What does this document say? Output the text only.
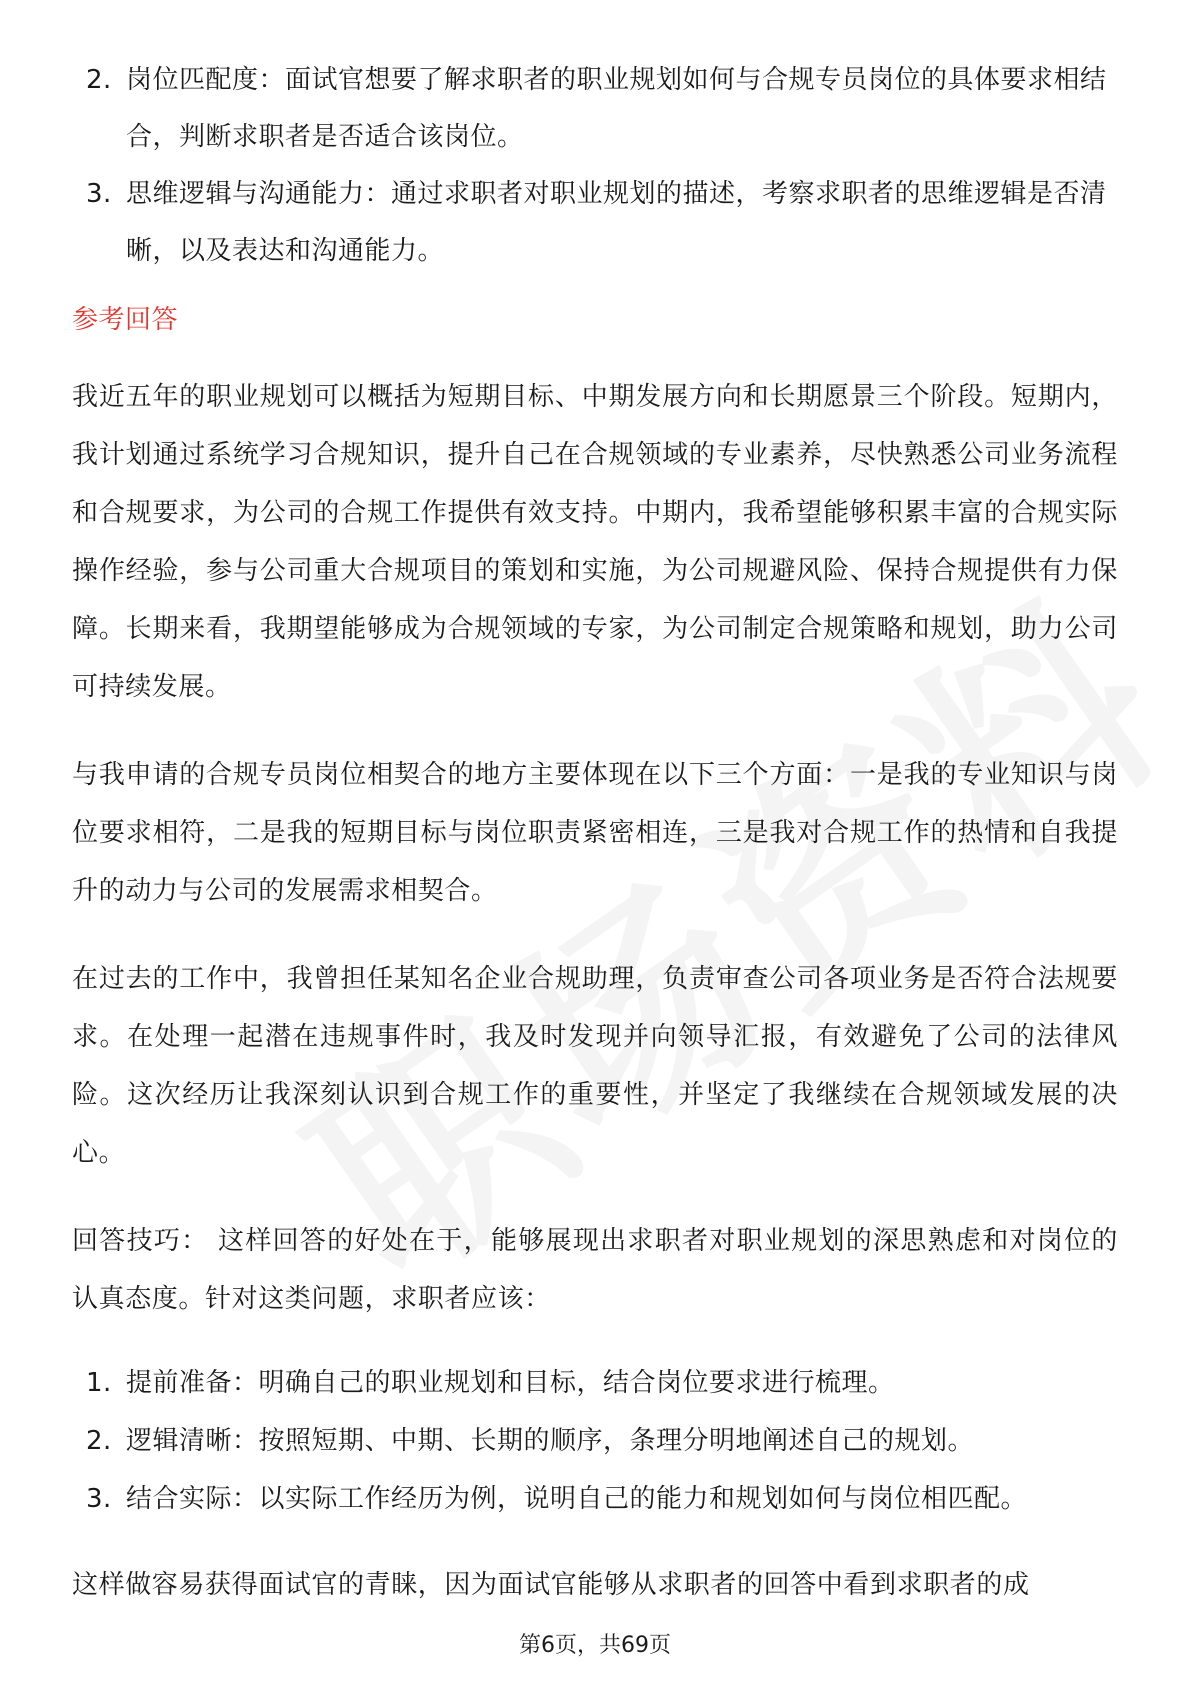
2. 岗位匹配度：面试官想要了解求职者的职业规划如何与合规专员岗位的具体要求相结合，判断求职者是否适合该岗位。
3. 思维逻辑与沟通能力：通过求职者对职业规划的描述，考察求职者的思维逻辑是否清晰，以及表达和沟通能力。
参考回答

我近五年的职业规划可以概括为短期目标、中期发展方向和长期愿景三个阶段。短期内，我计划通过系统学习合规知识，提升自己在合规领域的专业素养，尽快熟悉公司业务流程和合规要求，为公司的合规工作提供有效支持。中期内，我希望能够积累丰富的合规实际操作经验，参与公司重大合规项目的策划和实施，为公司规避风险、保持合规提供有力保障。长期来看，我期望能够成为合规领域的专家，为公司制定合规策略和规划，助力公司可持续发展。

与我申请的合规专员岗位相契合的地方主要体现在以下三个方面：一是我的专业知识与岗位要求相符，二是我的短期目标与岗位职责紧密相连，三是我对合规工作的热情和自我提升的动力与公司的发展需求相契合。

在过去的工作中，我曾担任某知名企业合规助理，负责审查公司各项业务是否符合法规要求。在处理一起潜在违规事件时，我及时发现并向领导汇报，有效避免了公司的法律风险。这次经历让我深刻认识到合规工作的重要性，并坚定了我继续在合规领域发展的决心。

回答技巧： 这样回答的好处在于，能够展现出求职者对职业规划的深思熟虑和对岗位的认真态度。针对这类问题，求职者应该：

1. 提前准备：明确自己的职业规划和目标，结合岗位要求进行梳理。
2. 逻辑清晰：按照短期、中期、长期的顺序，条理分明地阐述自己的规划。
3. 结合实际：以实际工作经历为例，说明自己的能力和规划如何与岗位相匹配。

这样做容易获得面试官的青睐，因为面试官能够从求职者的回答中看到求职者的成

第6页，共69页
